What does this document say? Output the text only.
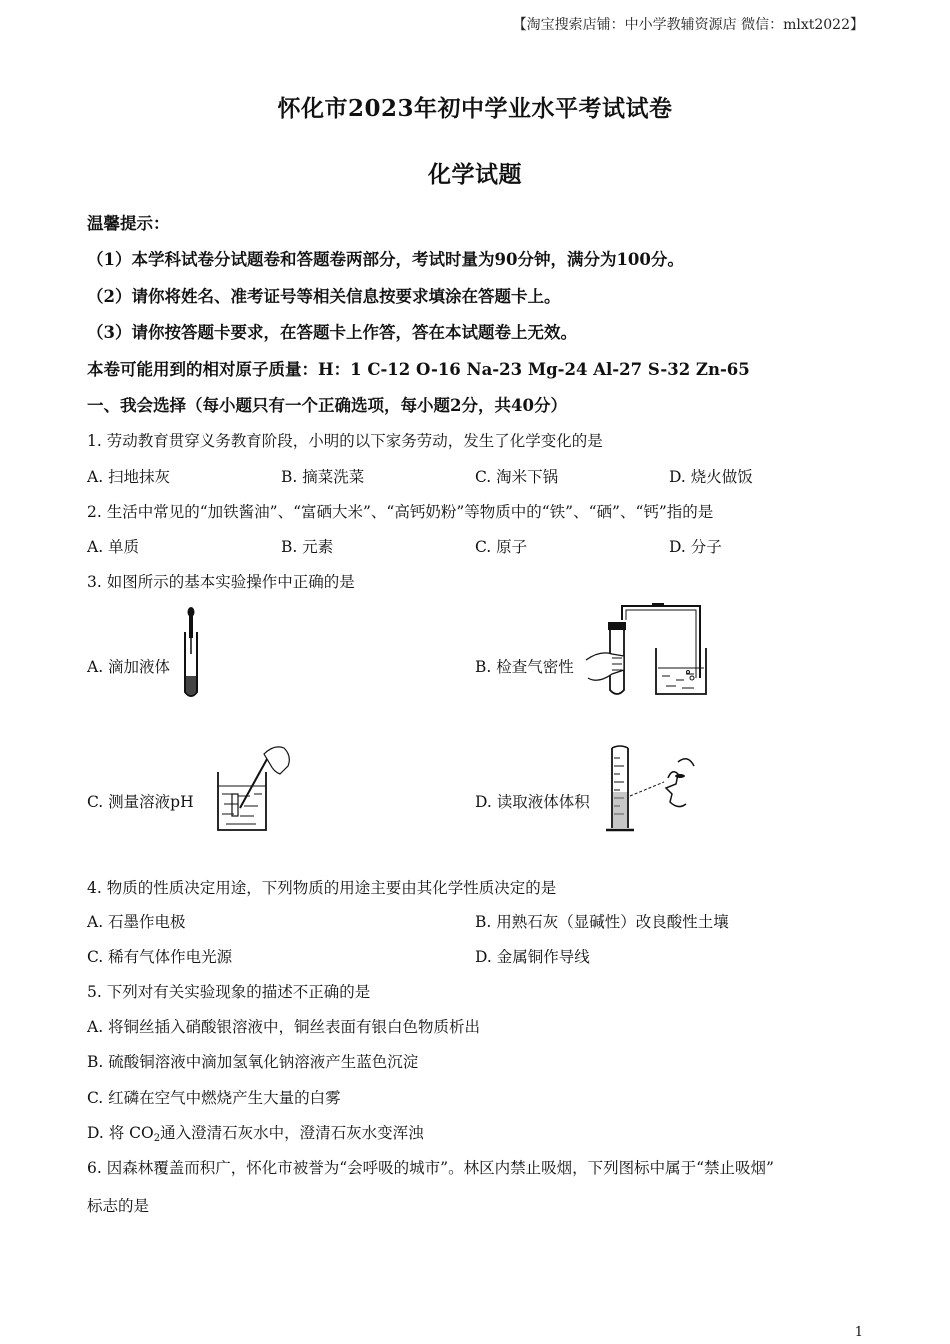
【淘宝搜索店铺：中小学教辅资源店 微信：mlxt2022】
怀化市2023年初中学业水平考试试卷
化学试题
温馨提示：
（1）本学科试卷分试题卷和答题卷两部分，考试时量为90分钟，满分为100分。
（2）请你将姓名、准考证号等相关信息按要求填涂在答题卡上。
（3）请你按答题卡要求，在答题卡上作答，答在本试题卷上无效。
本卷可能用到的相对原子质量：H：1 C-12 O-16 Na-23 Mg-24 Al-27 S-32 Zn-65
一、我会选择（每小题只有一个正确选项，每小题2分，共40分）
1. 劳动教育贯穿义务教育阶段，小明的以下家务劳动，发生了化学变化的是
A. 扫地抹灰	B. 摘菜洗菜	C. 淘米下锅	D. 烧火做饭
2. 生活中常见的“加铁酱油”、“富硒大米”、“高钙奶粉”等物质中的“铁”、“硒”、“钙”指的是
A. 单质	B. 元素	C. 原子	D. 分子
3. 如图所示的基本实验操作中正确的是
A. 滴加液体	B. 检查气密性
C. 测量溶液pH	D. 读取液体体积
4. 物质的性质决定用途，下列物质的用途主要由其化学性质决定的是
A. 石墨作电极	B. 用熟石灰（显碱性）改良酸性土壤
C. 稀有气体作电光源	D. 金属铜作导线
5. 下列对有关实验现象的描述不正确的是
A. 将铜丝插入硝酸银溶液中，铜丝表面有银白色物质析出
B. 硫酸铜溶液中滴加氢氧化钠溶液产生蓝色沉淀
C. 红磷在空气中燃烧产生大量的白雾
D. 将 $CO_2$通入澄清石灰水中，澄清石灰水变浑浊
6. 因森林覆盖而积广，怀化市被誉为“会呼吸的城市”。林区内禁止吸烟，下列图标中属于“禁止吸烟”
标志的是
1
